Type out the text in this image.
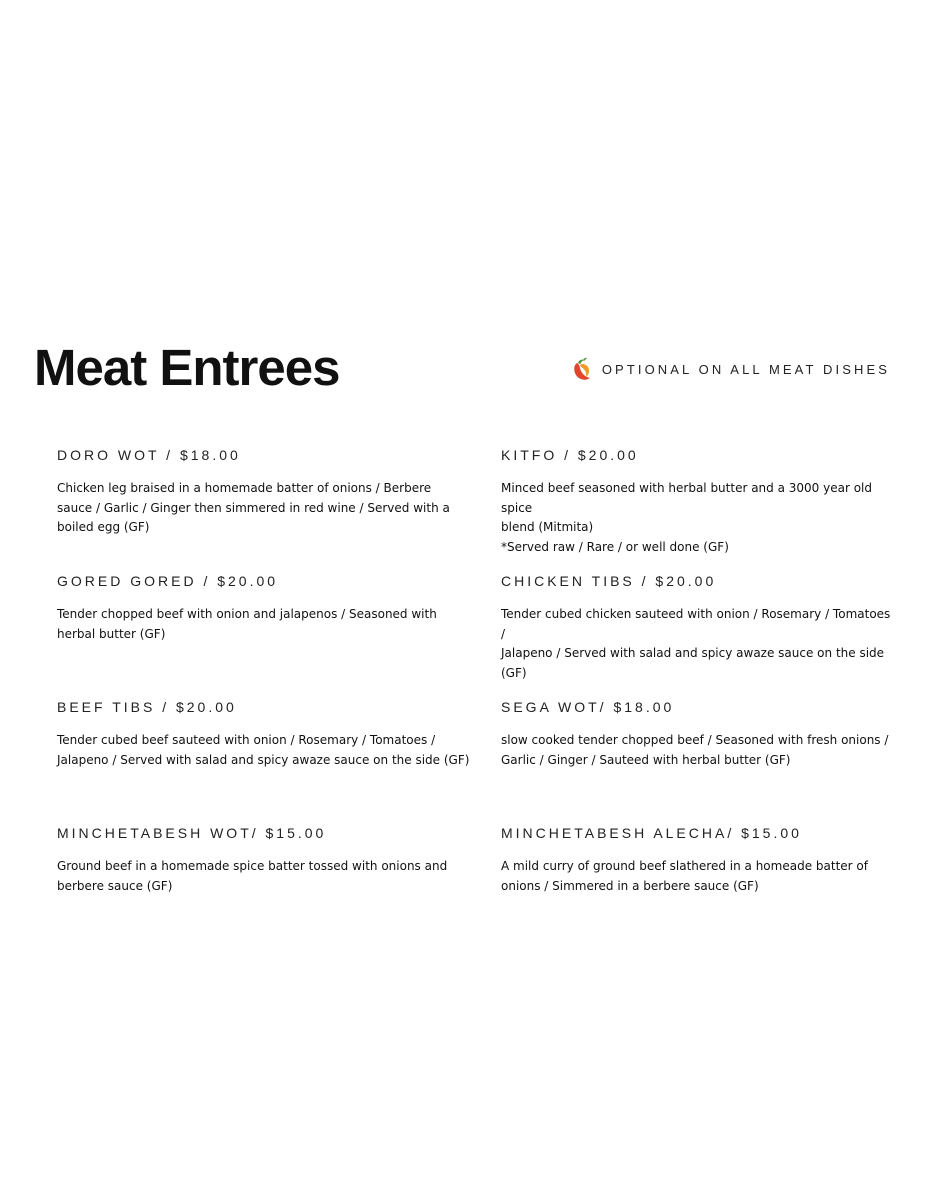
Meat Entrees	OPTIONAL ON ALL MEAT DISHES
DORO WOT / $18.00
Chicken leg braised in a homemade batter of onions / Berbere
sauce / Garlic / Ginger then simmered in red wine / Served with a
boiled egg (GF)
KITFO / $20.00
Minced beef seasoned with herbal butter and a 3000 year old spice
blend (Mitmita)
*Served raw / Rare / or well done (GF)
GORED GORED / $20.00
Tender chopped beef with onion and jalapenos / Seasoned with
herbal butter (GF)
CHICKEN TIBS / $20.00
Tender cubed chicken sauteed with onion / Rosemary / Tomatoes /
Jalapeno / Served with salad and spicy awaze sauce on the side (GF)
BEEF TIBS / $20.00
Tender cubed beef sauteed with onion / Rosemary / Tomatoes /
Jalapeno / Served with salad and spicy awaze sauce on the side (GF)
SEGA WOT/ $18.00
slow cooked tender chopped beef / Seasoned with fresh onions /
Garlic / Ginger / Sauteed with herbal butter (GF)
MINCHETABESH WOT/ $15.00
Ground beef in a homemade spice batter tossed with onions and
berbere sauce (GF)
MINCHETABESH ALECHA/ $15.00
A mild curry of ground beef slathered in a homeade batter of
onions / Simmered in a berbere sauce (GF)
